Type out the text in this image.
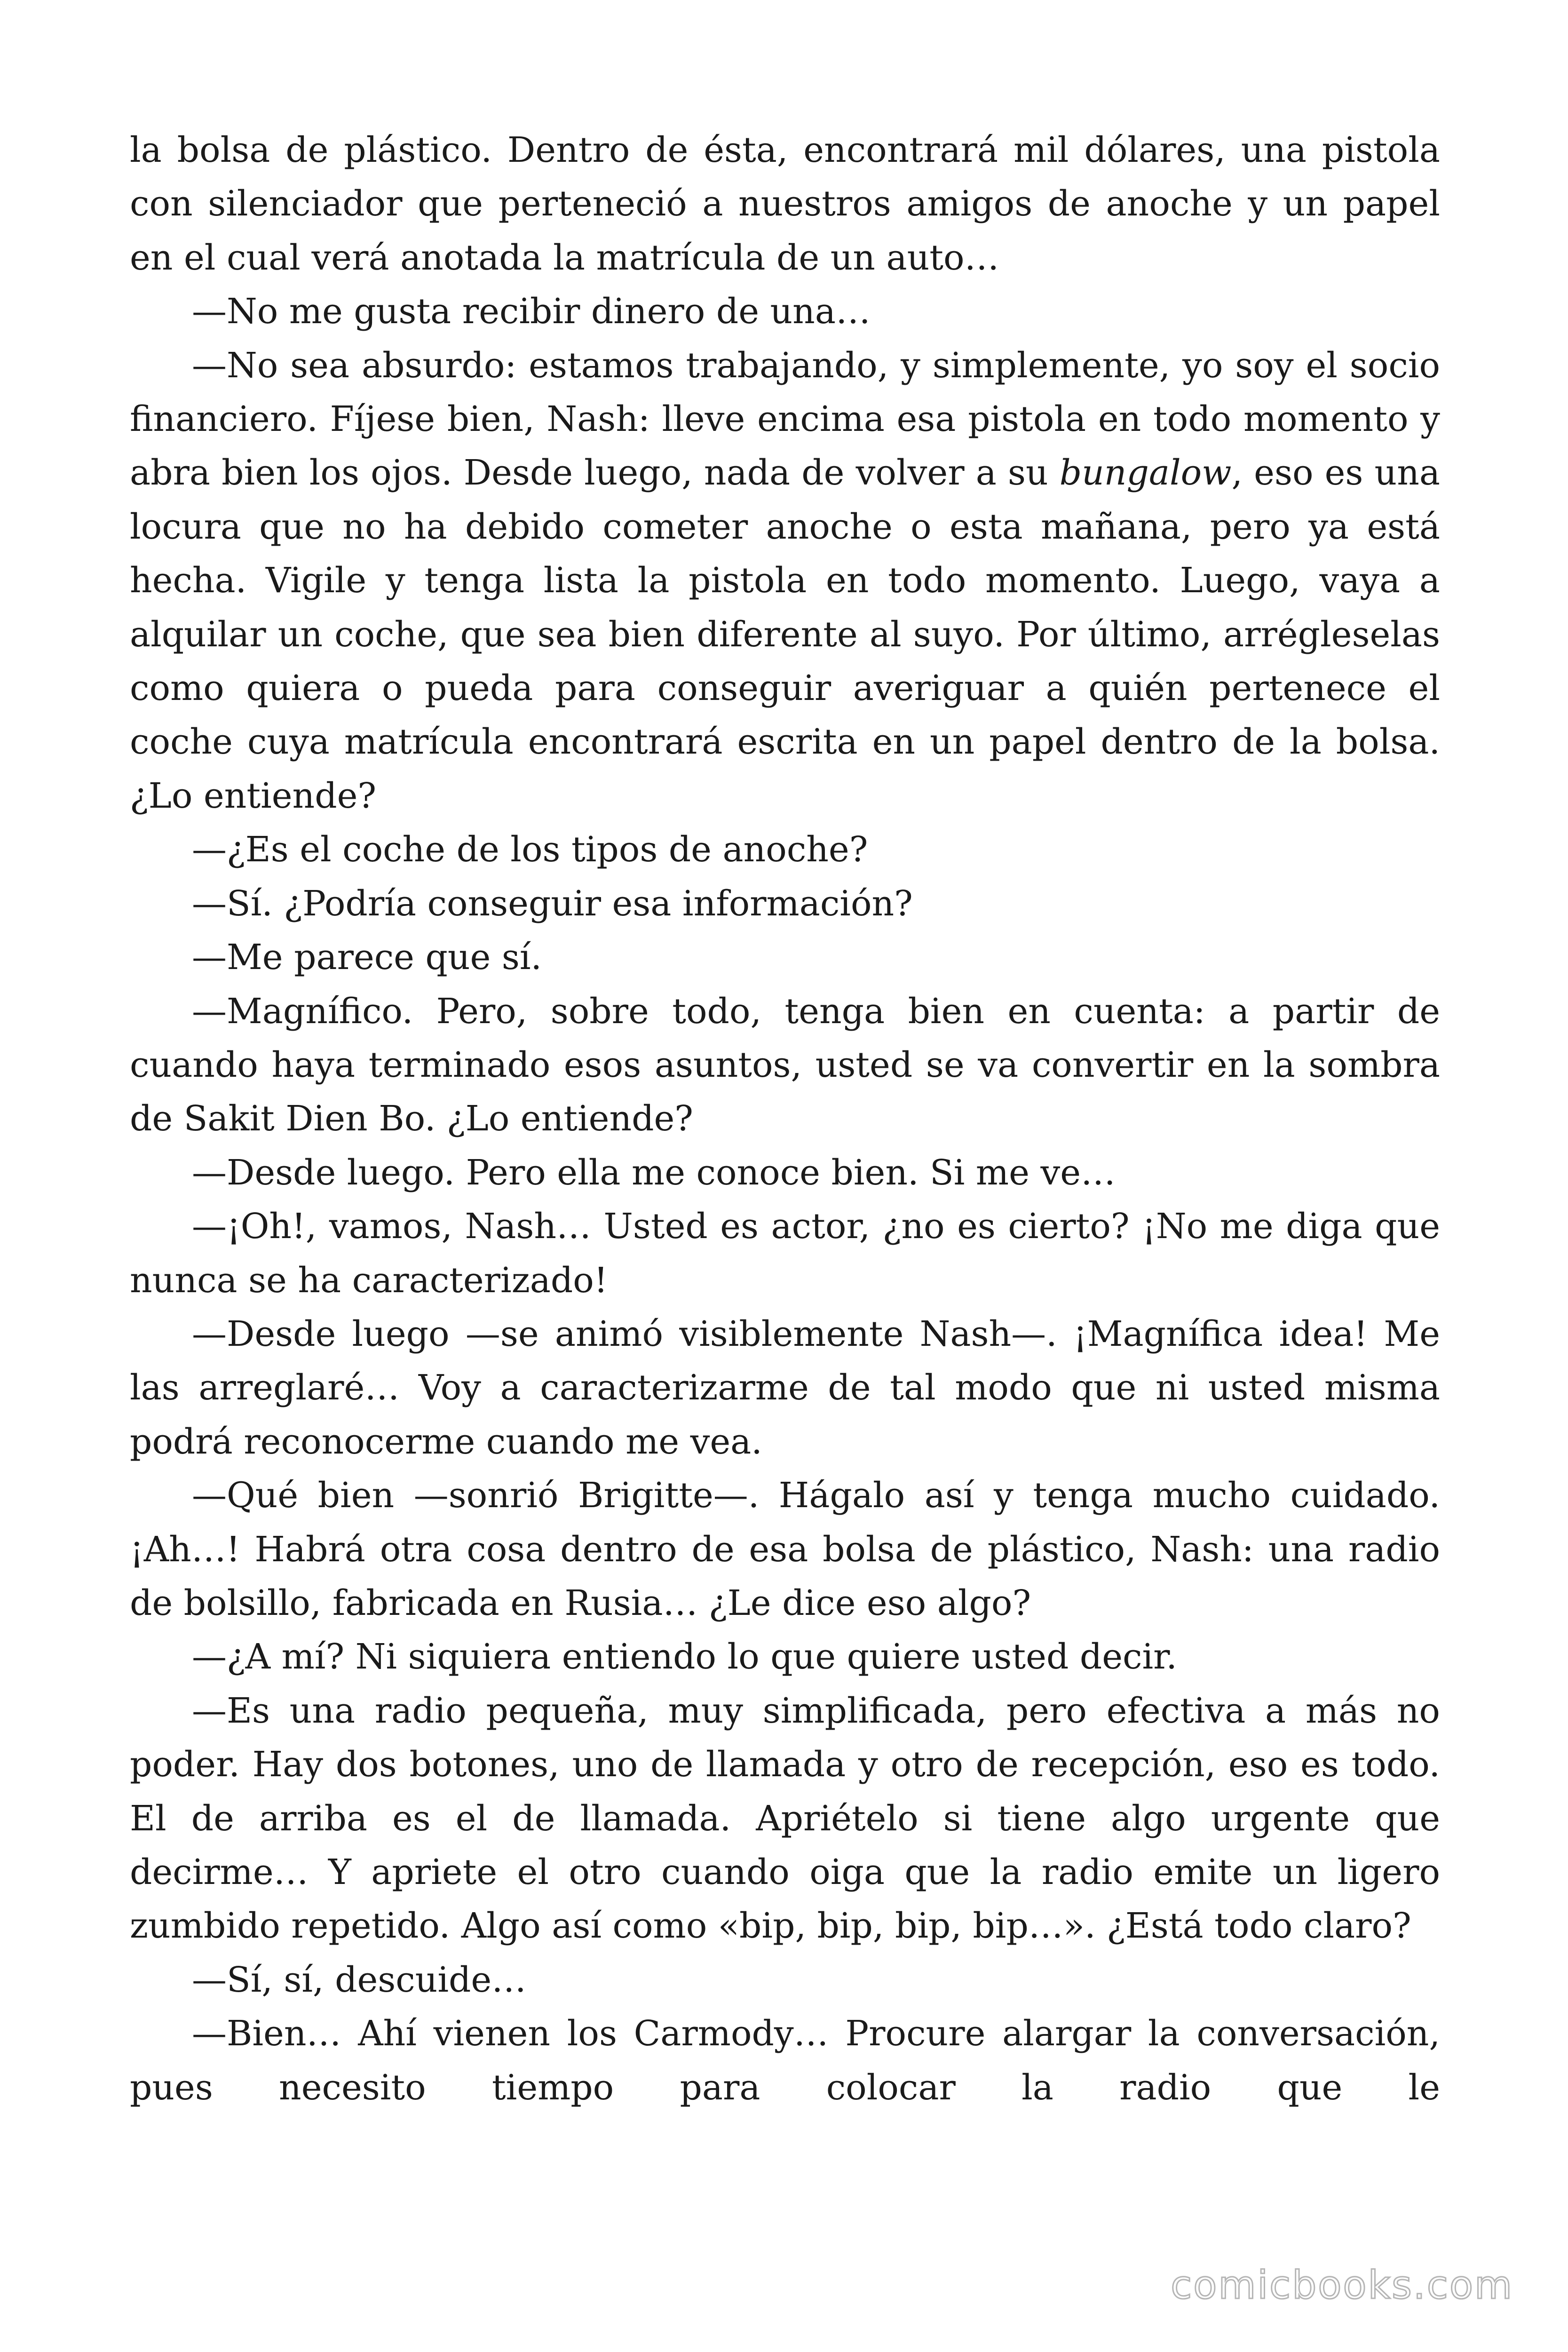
la bolsa de plástico. Dentro de ésta, encontrará mil dólares, una pistola con silenciador que perteneció a nuestros amigos de anoche y un papel en el cual verá anotada la matrícula de un auto…

—No me gusta recibir dinero de una…

—No sea absurdo: estamos trabajando, y simplemente, yo soy el socio financiero. Fíjese bien, Nash: lleve encima esa pistola en todo momento y abra bien los ojos. Desde luego, nada de volver a su bungalow, eso es una locura que no ha debido cometer anoche o esta mañana, pero ya está hecha. Vigile y tenga lista la pistola en todo momento. Luego, vaya a alquilar un coche, que sea bien diferente al suyo. Por último, arrégleselas como quiera o pueda para conseguir averiguar a quién pertenece el coche cuya matrícula encontrará escrita en un papel dentro de la bolsa. ¿Lo entiende?

—¿Es el coche de los tipos de anoche?

—Sí. ¿Podría conseguir esa información?

—Me parece que sí.

—Magnífico. Pero, sobre todo, tenga bien en cuenta: a partir de cuando haya terminado esos asuntos, usted se va convertir en la sombra de Sakit Dien Bo. ¿Lo entiende?

—Desde luego. Pero ella me conoce bien. Si me ve…

—¡Oh!, vamos, Nash… Usted es actor, ¿no es cierto? ¡No me diga que nunca se ha caracterizado!

—Desde luego —se animó visiblemente Nash—. ¡Magnífica idea! Me las arreglaré… Voy a caracterizarme de tal modo que ni usted misma podrá reconocerme cuando me vea.

—Qué bien —sonrió Brigitte—. Hágalo así y tenga mucho cuidado. ¡Ah…! Habrá otra cosa dentro de esa bolsa de plástico, Nash: una radio de bolsillo, fabricada en Rusia… ¿Le dice eso algo?

—¿A mí? Ni siquiera entiendo lo que quiere usted decir.

—Es una radio pequeña, muy simplificada, pero efectiva a más no poder. Hay dos botones, uno de llamada y otro de recepción, eso es todo. El de arriba es el de llamada. Apriételo si tiene algo urgente que decirme… Y apriete el otro cuando oiga que la radio emite un ligero zumbido repetido. Algo así como «bip, bip, bip, bip…». ¿Está todo claro?

—Sí, sí, descuide…

—Bien… Ahí vienen los Carmody… Procure alargar la conversación, pues necesito tiempo para colocar la radio que le

comicbooks.com
